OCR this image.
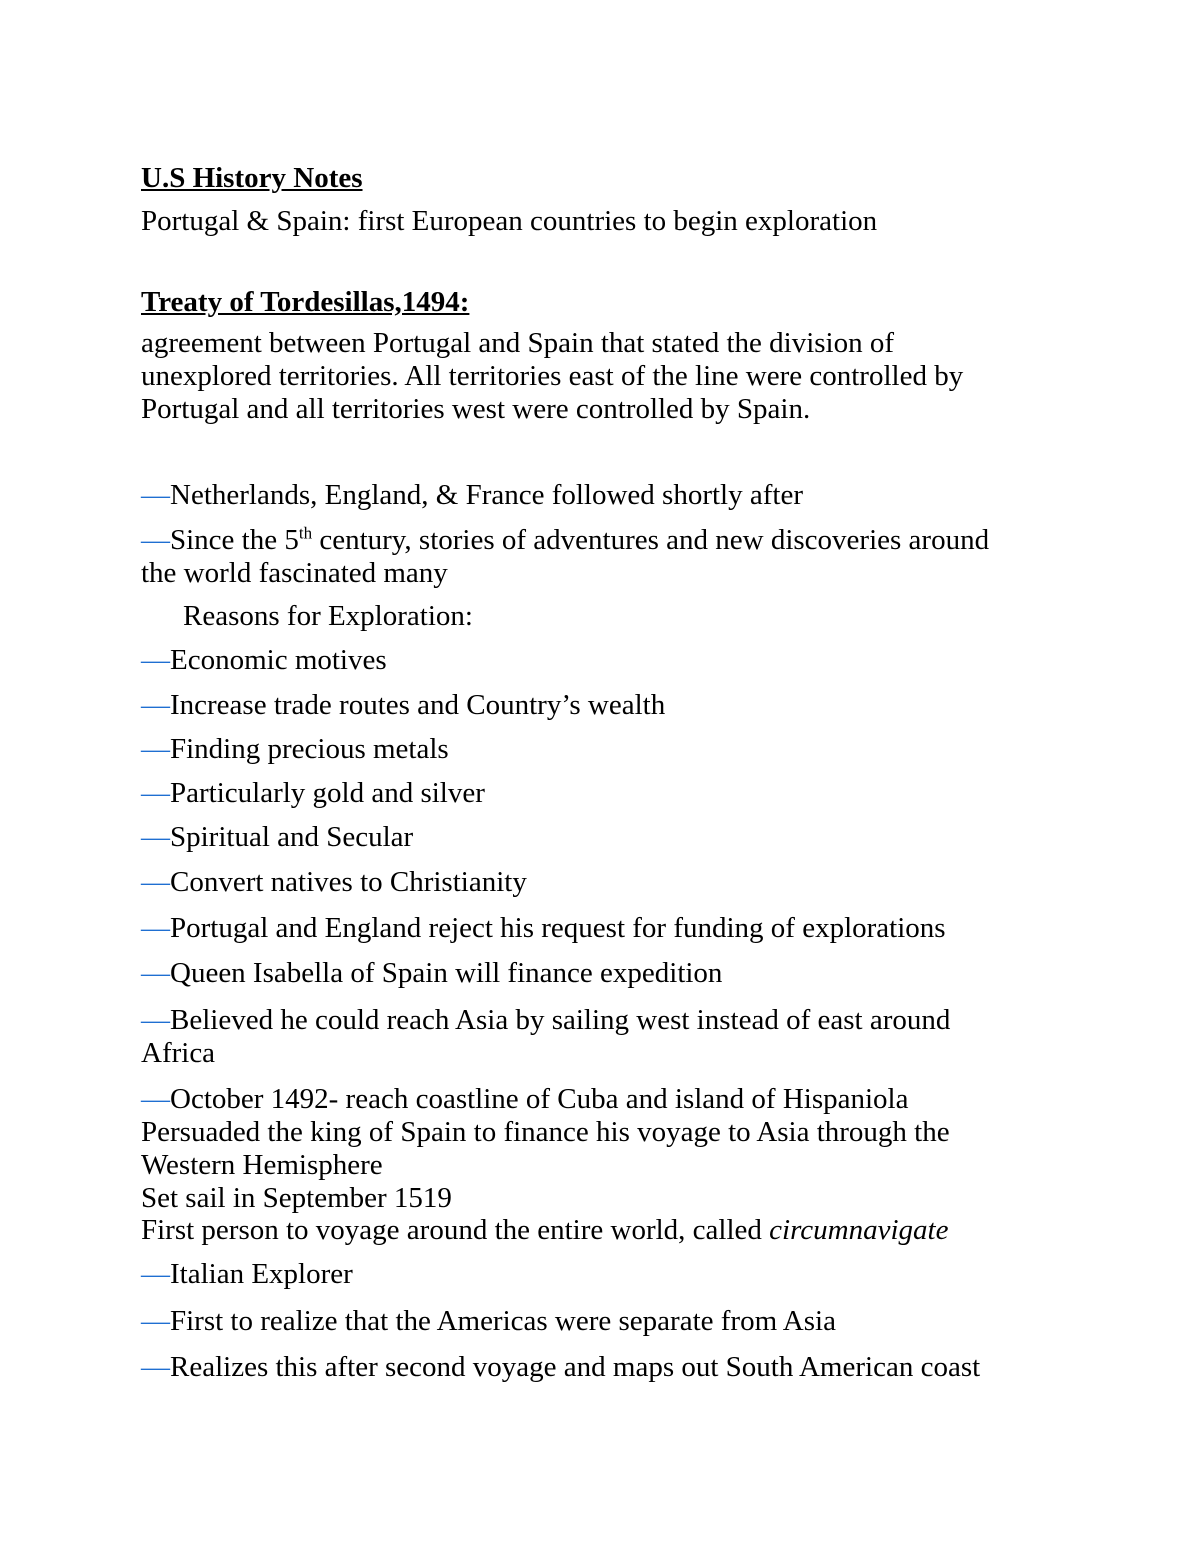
U.S History Notes
Portugal & Spain: first European countries to begin exploration
Treaty of Tordesillas,1494:
agreement between Portugal and Spain that stated the division of
unexplored territories. All territories east of the line were controlled by
Portugal and all territories west were controlled by Spain.
—Netherlands, England, & France followed shortly after
—Since the 5th century, stories of adventures and new discoveries around
the world fascinated many
Reasons for Exploration:
—Economic motives
—Increase trade routes and Country’s wealth
—Finding precious metals
—Particularly gold and silver
—Spiritual and Secular
—Convert natives to Christianity
—Portugal and England reject his request for funding of explorations
—Queen Isabella of Spain will finance expedition
—Believed he could reach Asia by sailing west instead of east around
Africa
—October 1492- reach coastline of Cuba and island of Hispaniola
Persuaded the king of Spain to finance his voyage to Asia through the
Western Hemisphere
Set sail in September 1519
First person to voyage around the entire world, called circumnavigate
—Italian Explorer
—First to realize that the Americas were separate from Asia
—Realizes this after second voyage and maps out South American coast
